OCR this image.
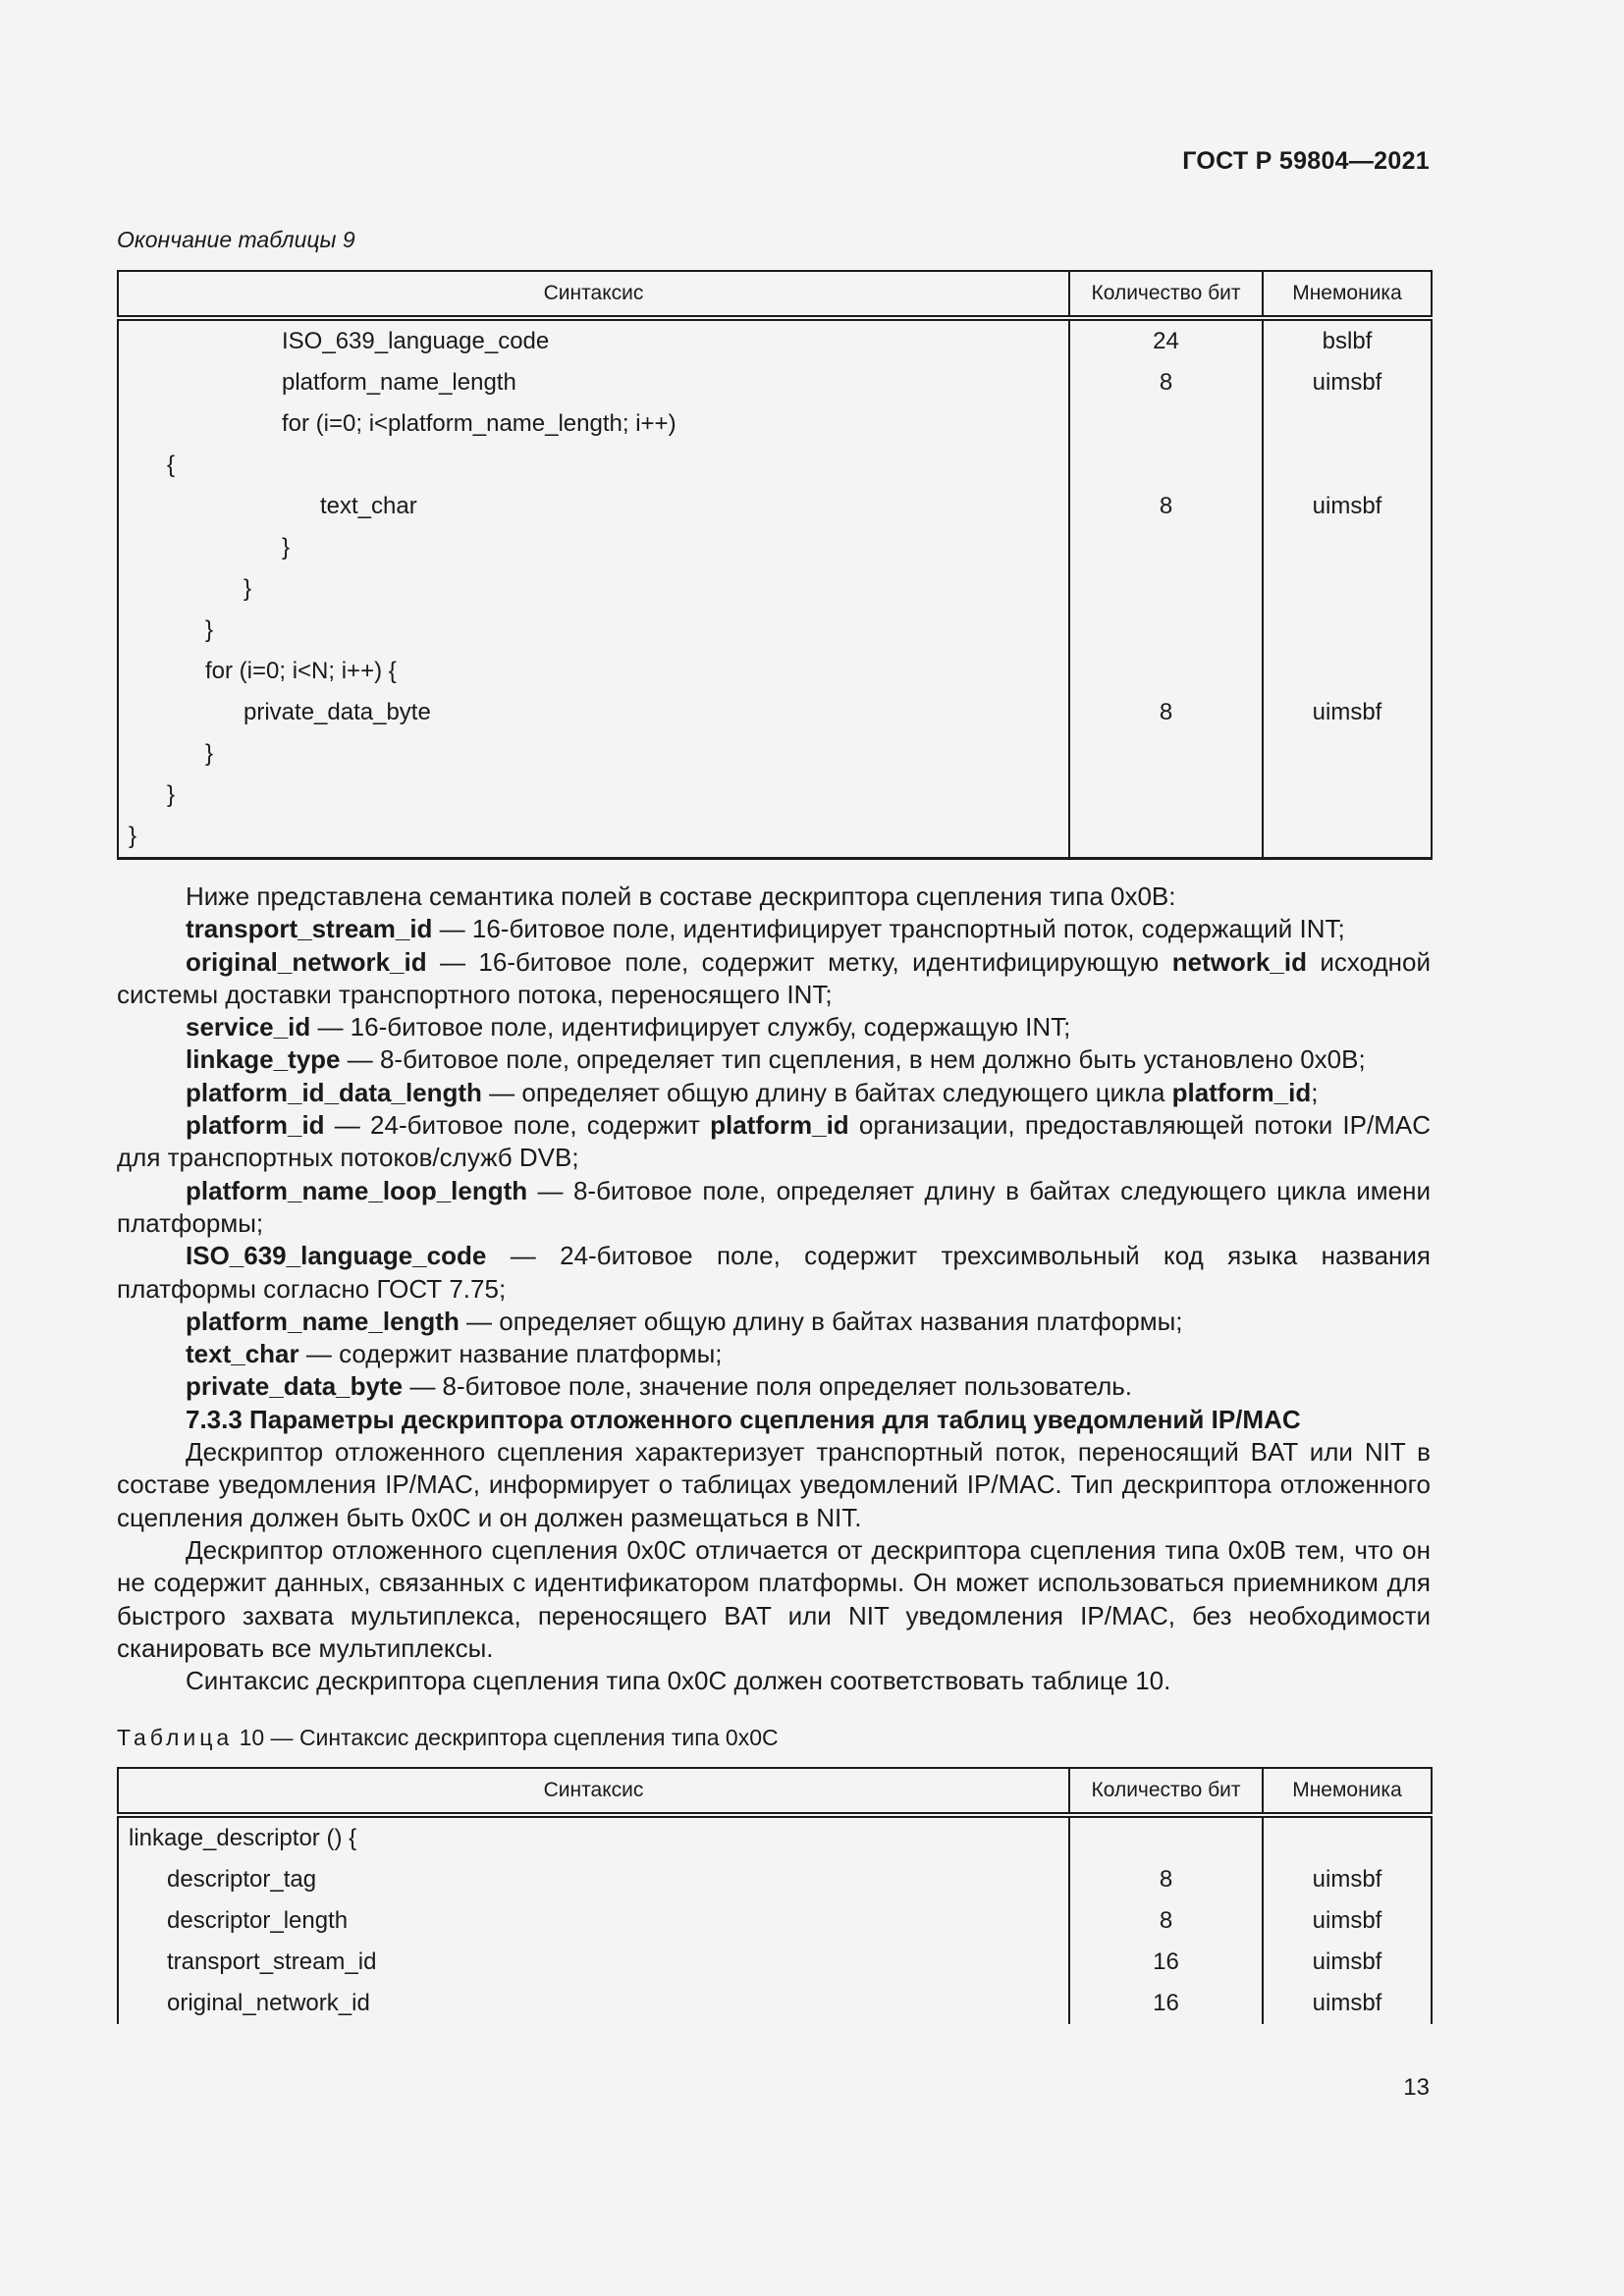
ГОСТ Р 59804—2021
Окончание таблицы 9
Синтаксис	Количество бит	Мнемоника
ISO_639_language_code	24	bslbf
platform_name_length	8	uimsbf
for (i=0; i<platform_name_length; i++)		
{		
text_char	8	uimsbf
}		
}		
}		
for (i=0; i<N; i++) {		
private_data_byte	8	uimsbf
}		
}		
}		

Ниже представлена семантика полей в составе дескриптора сцепления типа 0x0B:

transport_stream_id — 16-битовое поле, идентифицирует транспортный поток, содержащий INT;

original_network_id — 16-битовое поле, содержит метку, идентифицирующую network_id исходной системы доставки транспортного потока, переносящего INT;

service_id — 16-битовое поле, идентифицирует службу, содержащую INT;

linkage_type — 8-битовое поле, определяет тип сцепления, в нем должно быть установлено 0x0B;

platform_id_data_length — определяет общую длину в байтах следующего цикла platform_id;

platform_id — 24-битовое поле, содержит platform_id организации, предоставляющей потоки IP/MAC для транспортных потоков/служб DVB;

platform_name_loop_length — 8-битовое поле, определяет длину в байтах следующего цикла имени платформы;

ISO_639_language_code — 24-битовое поле, содержит трехсимвольный код языка названия платформы согласно ГОСТ 7.75;

platform_name_length — определяет общую длину в байтах названия платформы;

text_char — содержит название платформы;

private_data_byte — 8-битовое поле, значение поля определяет пользователь.

7.3.3 Параметры дескриптора отложенного сцепления для таблиц уведомлений IP/MAC

Дескриптор отложенного сцепления характеризует транспортный поток, переносящий BAT или NIT в составе уведомления IP/MAC, информирует о таблицах уведомлений IP/MAC. Тип дескриптора отложенного сцепления должен быть 0x0C и он должен размещаться в NIT.

Дескриптор отложенного сцепления 0x0C отличается от дескриптора сцепления типа 0x0B тем, что он не содержит данных, связанных с идентификатором платформы. Он может использоваться приемником для быстрого захвата мультиплекса, переносящего BAT или NIT уведомления IP/MAC, без необходимости сканировать все мультиплексы.

Синтаксис дескриптора сцепления типа 0x0C должен соответствовать таблице 10.

Таблица 10 — Синтаксис дескриптора сцепления типа 0x0C
Синтаксис	Количество бит	Мнемоника
linkage_descriptor () {		
descriptor_tag	8	uimsbf
descriptor_length	8	uimsbf
transport_stream_id	16	uimsbf
original_network_id	16	uimsbf
13
